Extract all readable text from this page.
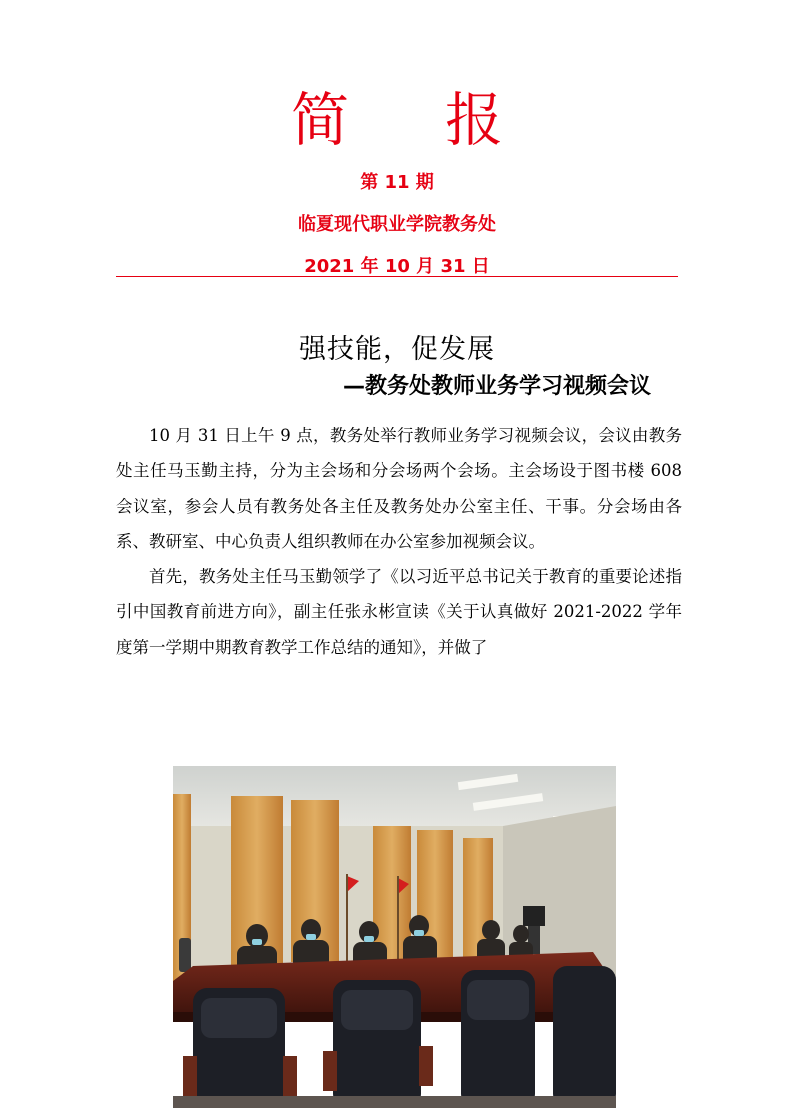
简 报
第 11 期
临夏现代职业学院教务处
2021 年 10 月 31 日
强技能，促发展
—教务处教师业务学习视频会议

10 月 31 日上午 9 点，教务处举行教师业务学习视频会议，会议由教务处主任马玉勤主持，分为主会场和分会场两个会场。主会场设于图书楼 608 会议室，参会人员有教务处各主任及教务处办公室主任、干事。分会场由各系、教研室、中心负责人组织教师在办公室参加视频会议。

首先，教务处主任马玉勤领学了《以习近平总书记关于教育的重要论述指引中国教育前进方向》，副主任张永彬宣读《关于认真做好 2021-2022 学年度第一学期中期教育教学工作总结的通知》，并做了
